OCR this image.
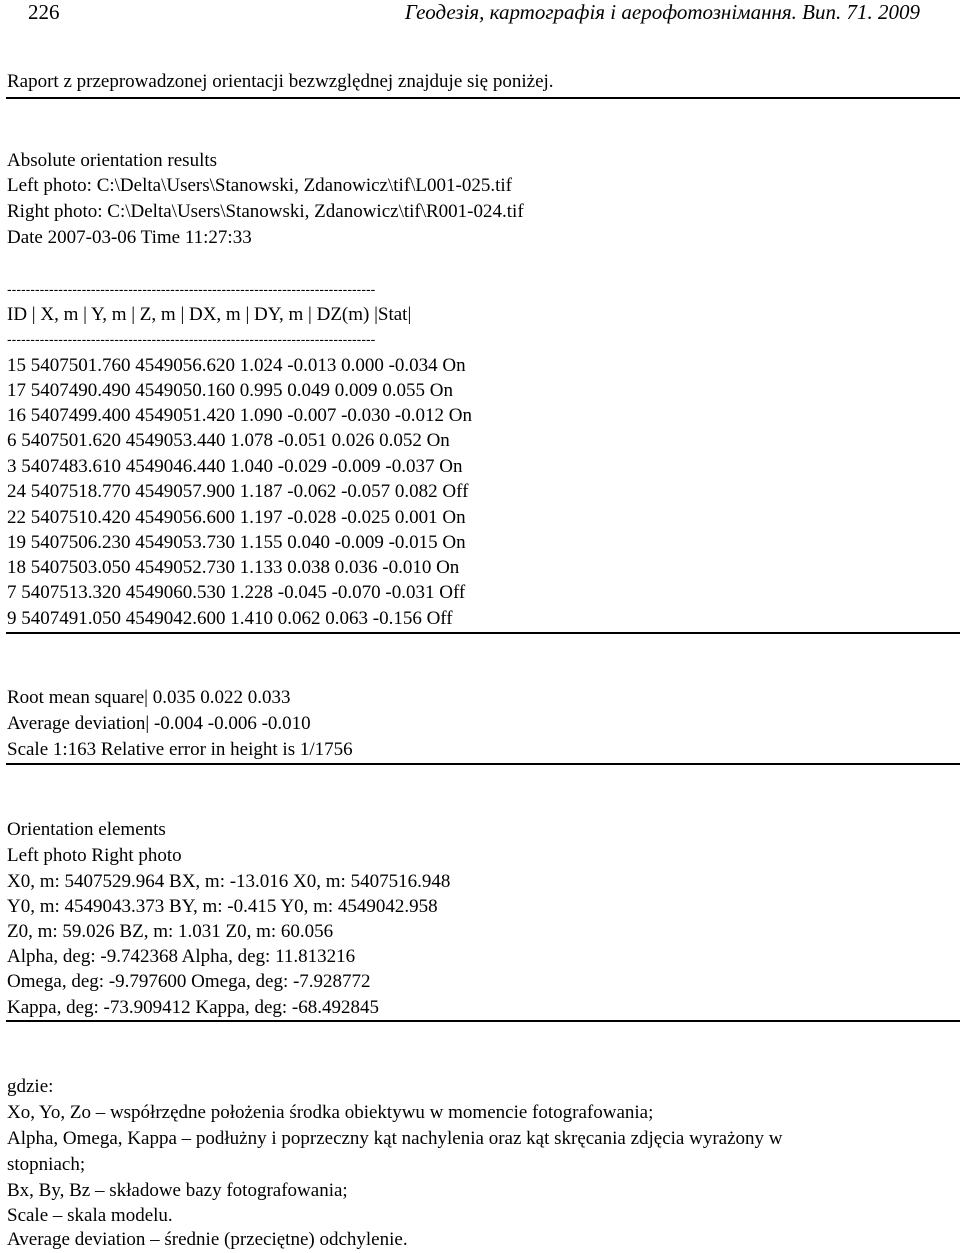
226	Геодезія, картографія і аерофотознімання. Вип. 71. 2009
Raport z przeprowadzonej orientacji bezwzględnej znajduje się poniżej.
Absolute orientation results
Left photo: C:\Delta\Users\Stanowski, Zdanowicz\tif\L001-025.tif
Right photo: C:\Delta\Users\Stanowski, Zdanowicz\tif\R001-024.tif
Date 2007-03-06 Time 11:27:33
-------------------------------------------------------------------------------
ID | X, m | Y, m | Z, m | DX, m | DY, m | DZ(m) |Stat|
-------------------------------------------------------------------------------
15 5407501.760 4549056.620 1.024 -0.013 0.000 -0.034 On
17 5407490.490 4549050.160 0.995 0.049 0.009 0.055 On
16 5407499.400 4549051.420 1.090 -0.007 -0.030 -0.012 On
6 5407501.620 4549053.440 1.078 -0.051 0.026 0.052 On
3 5407483.610 4549046.440 1.040 -0.029 -0.009 -0.037 On
24 5407518.770 4549057.900 1.187 -0.062 -0.057 0.082 Off
22 5407510.420 4549056.600 1.197 -0.028 -0.025 0.001 On
19 5407506.230 4549053.730 1.155 0.040 -0.009 -0.015 On
18 5407503.050 4549052.730 1.133 0.038 0.036 -0.010 On
7 5407513.320 4549060.530 1.228 -0.045 -0.070 -0.031 Off
9 5407491.050 4549042.600 1.410 0.062 0.063 -0.156 Off
Root mean square| 0.035 0.022 0.033
Average deviation| -0.004 -0.006 -0.010
Scale 1:163 Relative error in height is 1/1756
Orientation elements
Left photo Right photo
X0, m: 5407529.964 BX, m: -13.016 X0, m: 5407516.948
Y0, m: 4549043.373 BY, m: -0.415 Y0, m: 4549042.958
Z0, m: 59.026 BZ, m: 1.031 Z0, m: 60.056
Alpha, deg: -9.742368 Alpha, deg: 11.813216
Omega, deg: -9.797600 Omega, deg: -7.928772
Kappa, deg: -73.909412 Kappa, deg: -68.492845
gdzie:
Xo, Yo, Zo – współrzędne położenia środka obiektywu w momencie fotografowania;
Alpha, Omega, Kappa – podłużny i poprzeczny kąt nachylenia oraz kąt skręcania zdjęcia wyrażony w
stopniach;
Bx, By, Bz – składowe bazy fotografowania;
Scale – skala modelu.
Average deviation – średnie (przeciętne) odchylenie.
